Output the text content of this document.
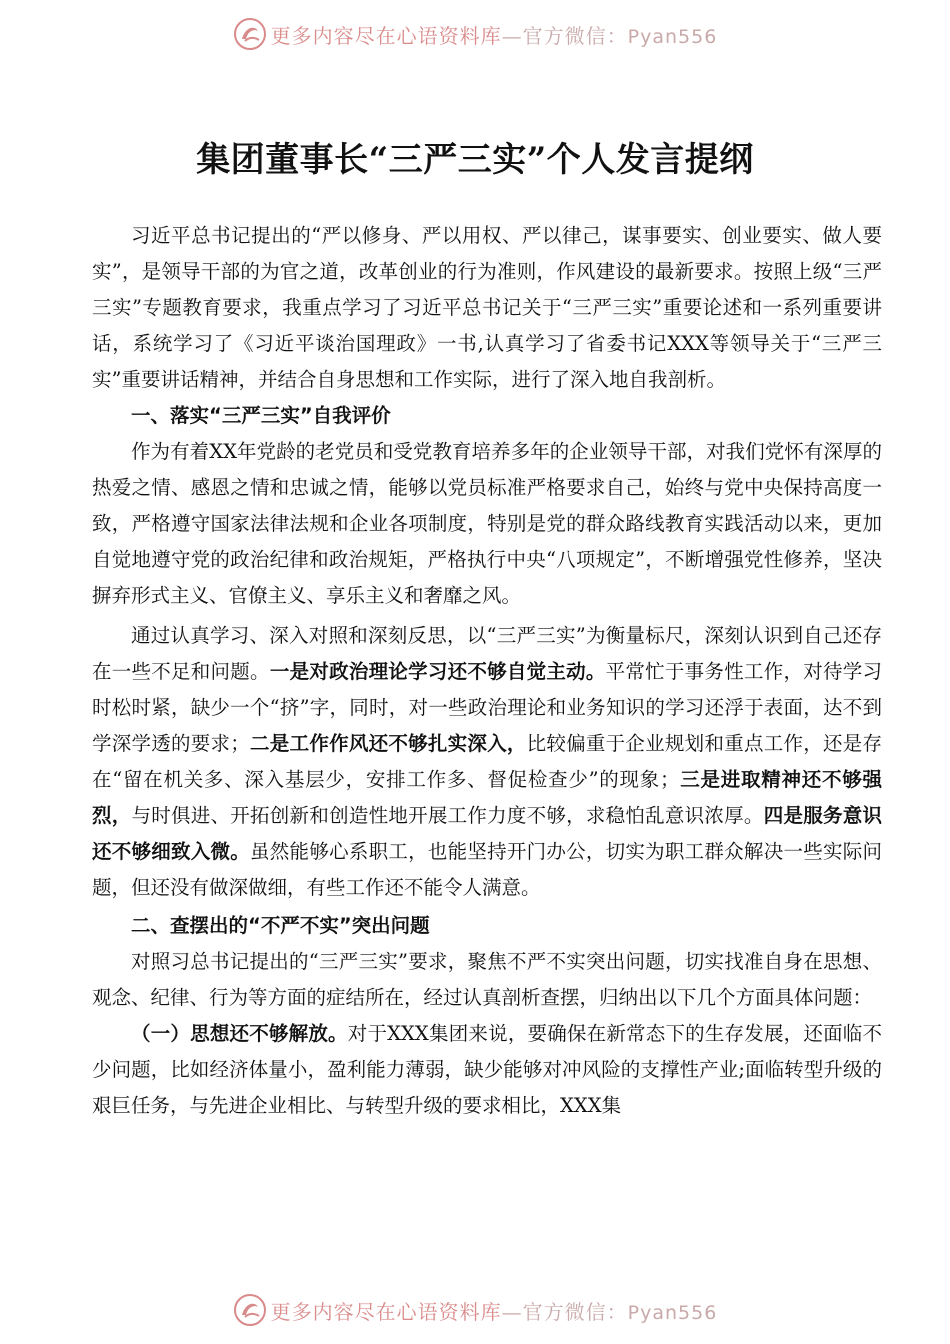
更多内容尽在心语资料库—官方微信：Pyan556
集团董事长“三严三实”个人发言提纲

习近平总书记提出的“严以修身、严以用权、严以律己，谋事要实、创业要实、做人要实”，是领导干部的为官之道，改革创业的行为准则，作风建设的最新要求。按照上级“三严三实”专题教育要求，我重点学习了习近平总书记关于“三严三实”重要论述和一系列重要讲话，系统学习了《习近平谈治国理政》一书,认真学习了省委书记XXX等领导关于“三严三实”重要讲话精神，并结合自身思想和工作实际，进行了深入地自我剖析。

一、落实“三严三实”自我评价

作为有着XX年党龄的老党员和受党教育培养多年的企业领导干部，对我们党怀有深厚的热爱之情、感恩之情和忠诚之情，能够以党员标准严格要求自己，始终与党中央保持高度一致，严格遵守国家法律法规和企业各项制度，特别是党的群众路线教育实践活动以来，更加自觉地遵守党的政治纪律和政治规矩，严格执行中央“八项规定”，不断增强党性修养，坚决摒弃形式主义、官僚主义、享乐主义和奢靡之风。

通过认真学习、深入对照和深刻反思，以“三严三实”为衡量标尺，深刻认识到自己还存在一些不足和问题。一是对政治理论学习还不够自觉主动。平常忙于事务性工作，对待学习时松时紧，缺少一个“挤”字，同时，对一些政治理论和业务知识的学习还浮于表面，达不到学深学透的要求；二是工作作风还不够扎实深入，比较偏重于企业规划和重点工作，还是存在“留在机关多、深入基层少，安排工作多、督促检查少”的现象；三是进取精神还不够强烈，与时俱进、开拓创新和创造性地开展工作力度不够，求稳怕乱意识浓厚。四是服务意识还不够细致入微。虽然能够心系职工，也能坚持开门办公，切实为职工群众解决一些实际问题，但还没有做深做细，有些工作还不能令人满意。

二、查摆出的“不严不实”突出问题

对照习总书记提出的“三严三实”要求，聚焦不严不实突出问题，切实找准自身在思想、观念、纪律、行为等方面的症结所在，经过认真剖析查摆，归纳出以下几个方面具体问题：

（一）思想还不够解放。对于XXX集团来说，要确保在新常态下的生存发展，还面临不少问题，比如经济体量小，盈利能力薄弱，缺少能够对冲风险的支撑性产业;面临转型升级的艰巨任务，与先进企业相比、与转型升级的要求相比，XXX集

更多内容尽在心语资料库—官方微信：Pyan556
